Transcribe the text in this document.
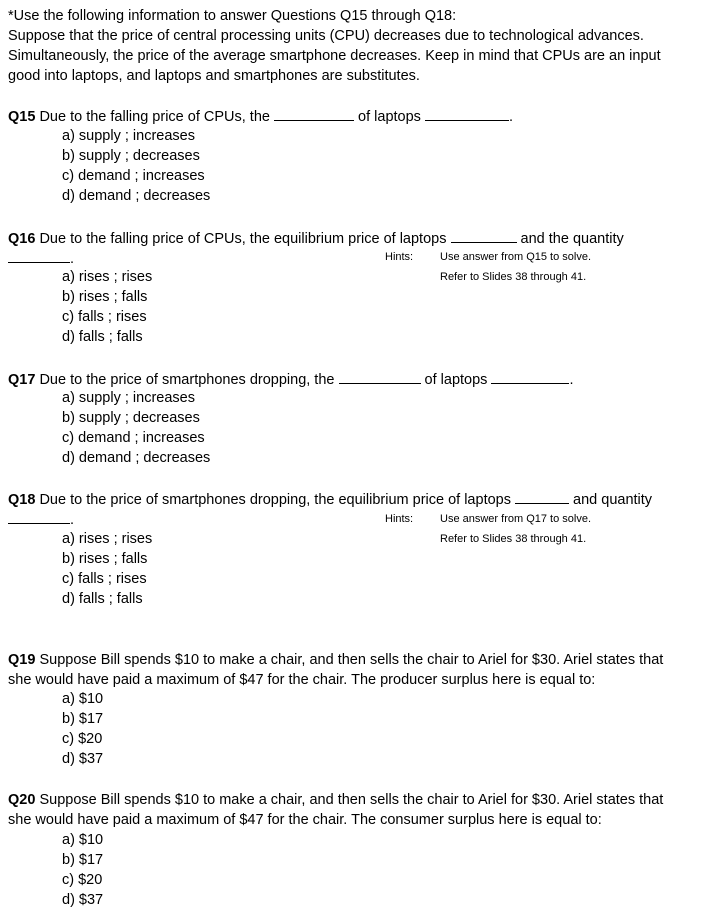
*Use the following information to answer Questions Q15 through Q18:
Suppose that the price of central processing units (CPU) decreases due to technological advances.
Simultaneously, the price of the average smartphone decreases. Keep in mind that CPUs are an input
good into laptops, and laptops and smartphones are substitutes.
Q15 Due to the falling price of CPUs, the	of laptops	.
a) supply ; increases
b) supply ; decreases
c) demand ; increases
d) demand ; decreases
Q16 Due to the falling price of CPUs, the equilibrium price of laptops	and the quantity
.	Hints: Use answer from Q15 to solve.
Refer to Slides 38 through 41.
a) rises ; rises
b) rises ; falls
c) falls ; rises
d) falls ; falls
Q17 Due to the price of smartphones dropping, the	of laptops	.
a) supply ; increases
b) supply ; decreases
c) demand ; increases
d) demand ; decreases
Q18 Due to the price of smartphones dropping, the equilibrium price of laptops	and quantity
.	Hints: Use answer from Q17 to solve.
Refer to Slides 38 through 41.
a) rises ; rises
b) rises ; falls
c) falls ; rises
d) falls ; falls
Q19 Suppose Bill spends $10 to make a chair, and then sells the chair to Ariel for $30. Ariel states that
she would have paid a maximum of $47 for the chair. The producer surplus here is equal to:
a) $10
b) $17
c) $20
d) $37
Q20 Suppose Bill spends $10 to make a chair, and then sells the chair to Ariel for $30. Ariel states that
she would have paid a maximum of $47 for the chair. The consumer surplus here is equal to:
a) $10
b) $17
c) $20
d) $37
